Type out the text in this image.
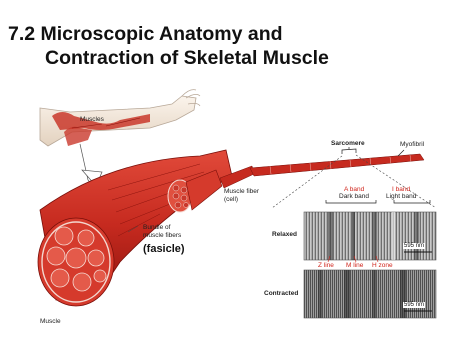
7.2 Microscopic Anatomy and
Contraction of Skeletal Muscle
Muscles
Sarcomere	Myofibril
Muscle fiber
(cell)
A band
Dark band
I band
Light band
Relaxed
Contracted
Bundle of
muscle fibers
(fasicle)
Z line M line H zone
Muscle
595 nm
595 nm
